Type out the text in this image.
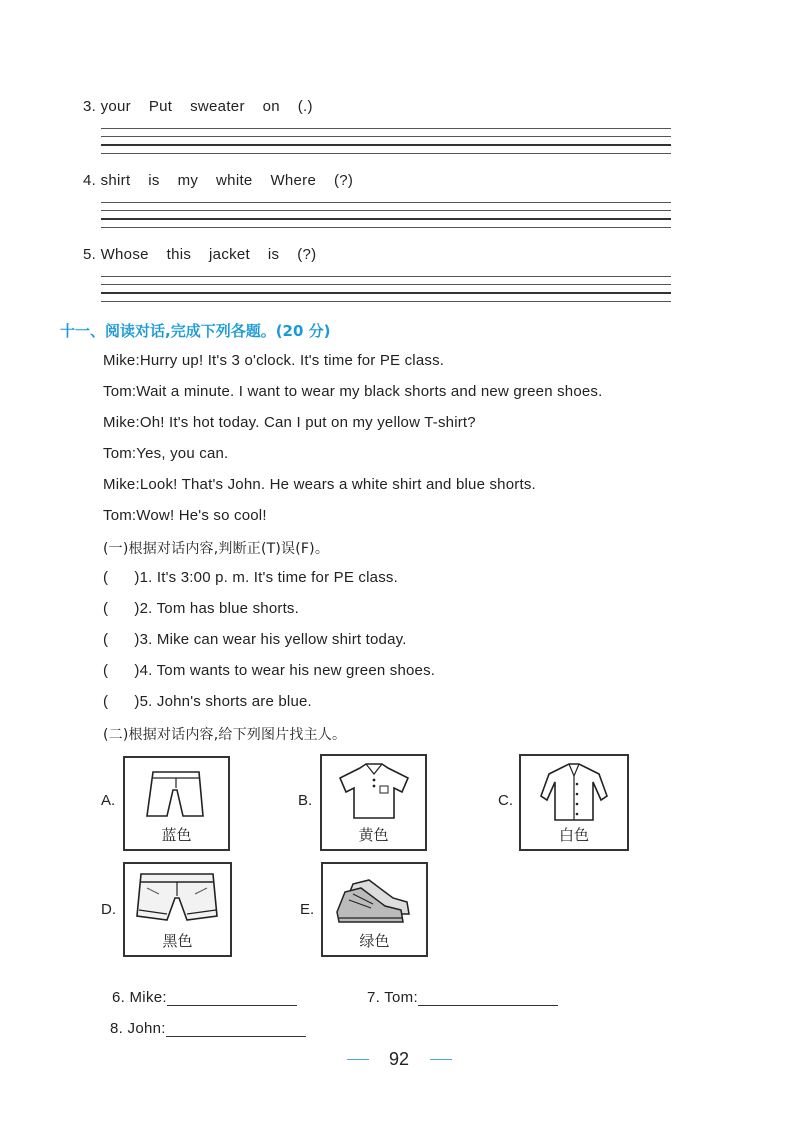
3. your    Put    sweater    on    (.)
4. shirt    is    my    white    Where    (?)
5. Whose    this    jacket    is    (?)
十一、阅读对话,完成下列各题。(20 分)
Mike:Hurry up! It's 3 o'clock. It's time for PE class.
Tom:Wait a minute. I want to wear my black shorts and new green shoes.
Mike:Oh! It's hot today. Can I put on my yellow T-shirt?
Tom:Yes, you can.
Mike:Look! That's John. He wears a white shirt and blue shorts.
Tom:Wow! He's so cool!
(一)根据对话内容,判断正(T)误(F)。
(      )1. It's 3:00 p. m. It's time for PE class.
(      )2. Tom has blue shorts.
(      )3. Mike can wear his yellow shirt today.
(      )4. Tom wants to wear his new green shoes.
(      )5. John's shorts are blue.
(二)根据对话内容,给下列图片找主人。
A.
蓝色
B.
黄色
C.
白色
D.
黑色
E.
绿色

6. Mike:	7. Tom:

8. John:

92
